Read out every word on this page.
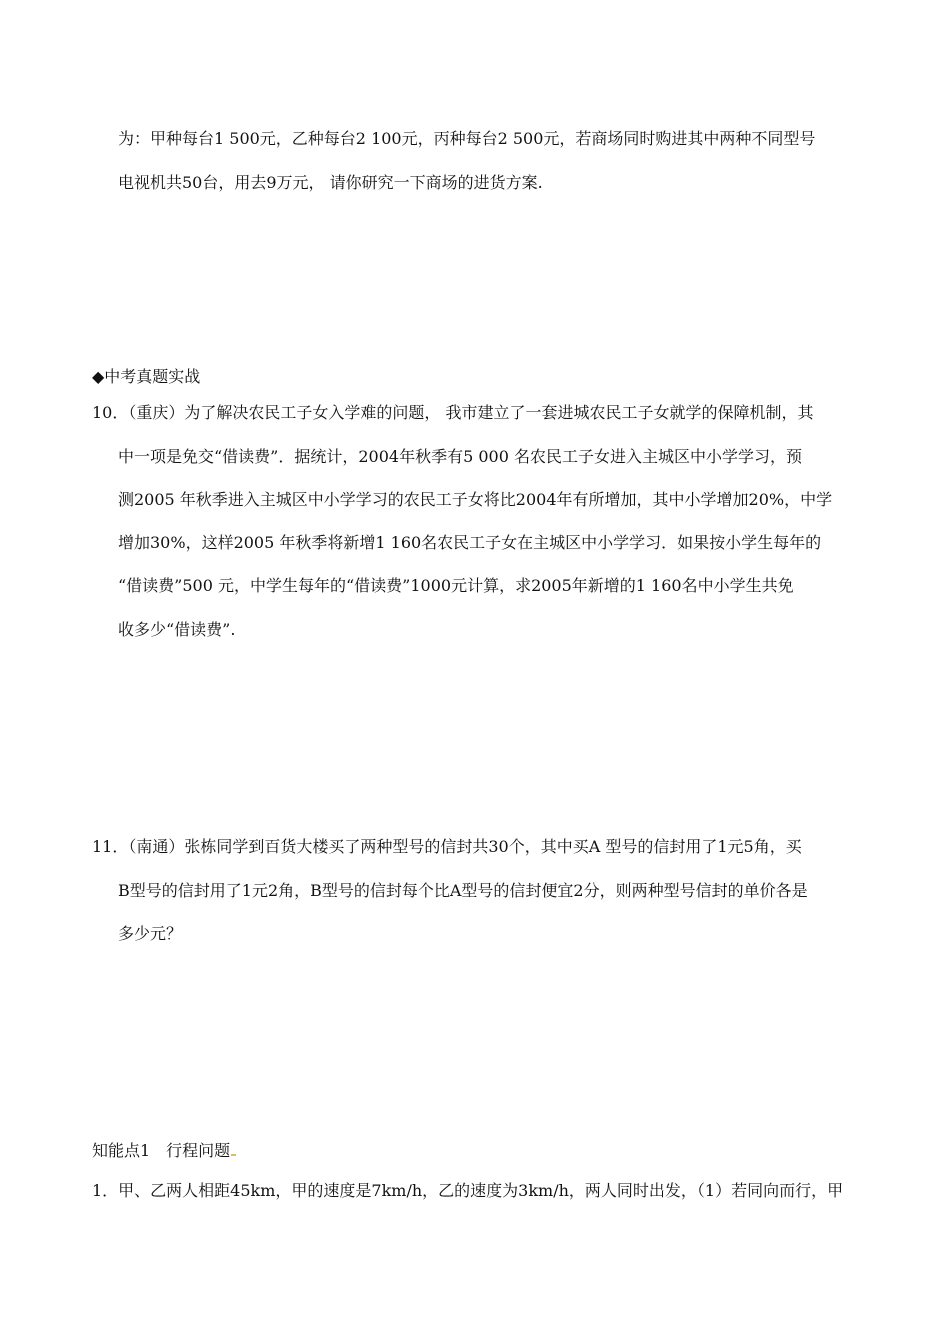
为：甲种每台1 500元，乙种每台2 100元，丙种每台2 500元，若商场同时购进其中两种不同型号
电视机共50台，用去9万元， 请你研究一下商场的进货方案.
◆中考真题实战
10．（重庆）为了解决农民工子女入学难的问题， 我市建立了一套进城农民工子女就学的保障机制，其
中一项是免交“借读费”．据统计，2004年秋季有5 000 名农民工子女进入主城区中小学学习，预
测2005 年秋季进入主城区中小学学习的农民工子女将比2004年有所增加，其中小学增加20%，中学
增加30%，这样2005 年秋季将新增1 160名农民工子女在主城区中小学学习．如果按小学生每年的
“借读费”500 元，中学生每年的“借读费”1000元计算，求2005年新增的1 160名中小学生共免
收多少“借读费”.
11．（南通）张栋同学到百货大楼买了两种型号的信封共30个，其中买A 型号的信封用了1元5角，买
B型号的信封用了1元2角，B型号的信封每个比A型号的信封便宜2分，则两种型号信封的单价各是
多少元？
知能点1　行程问题
1．甲、乙两人相距45km，甲的速度是7km/h，乙的速度为3km/h，两人同时出发，（1）若同向而行，甲
